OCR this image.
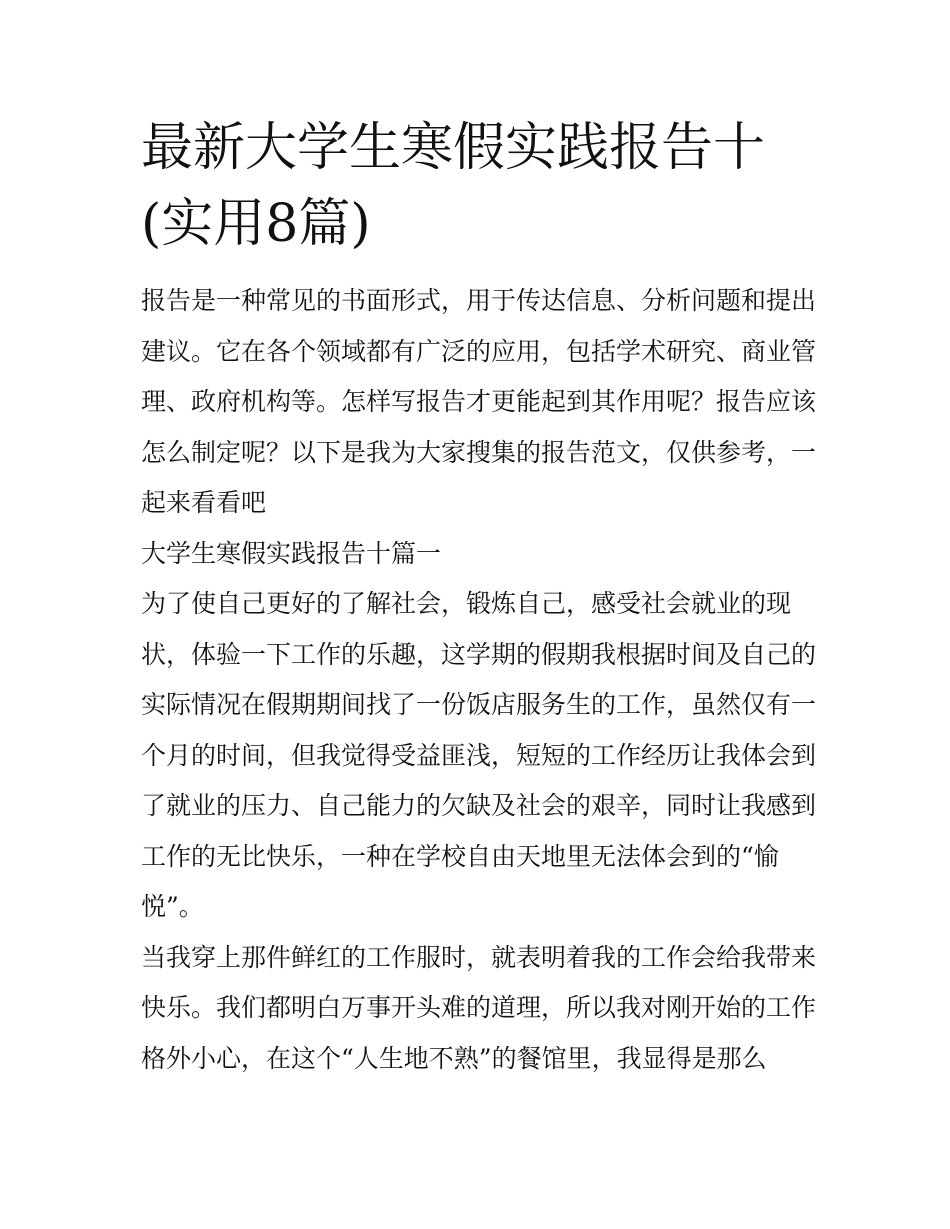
最新大学生寒假实践报告十(实用8篇)

报告是一种常见的书面形式，用于传达信息、分析问题和提出建议。它在各个领域都有广泛的应用，包括学术研究、商业管理、政府机构等。怎样写报告才更能起到其作用呢？报告应该怎么制定呢？以下是我为大家搜集的报告范文，仅供参考，一起来看看吧

大学生寒假实践报告十篇一

为了使自己更好的了解社会，锻炼自己，感受社会就业的现状，体验一下工作的乐趣，这学期的假期我根据时间及自己的实际情况在假期期间找了一份饭店服务生的工作，虽然仅有一个月的时间，但我觉得受益匪浅，短短的工作经历让我体会到了就业的压力、自己能力的欠缺及社会的艰辛，同时让我感到工作的无比快乐，一种在学校自由天地里无法体会到的“愉悦”。

当我穿上那件鲜红的工作服时，就表明着我的工作会给我带来快乐。我们都明白万事开头难的道理，所以我对刚开始的工作格外小心，在这个“人生地不熟”的餐馆里，我显得是那么
